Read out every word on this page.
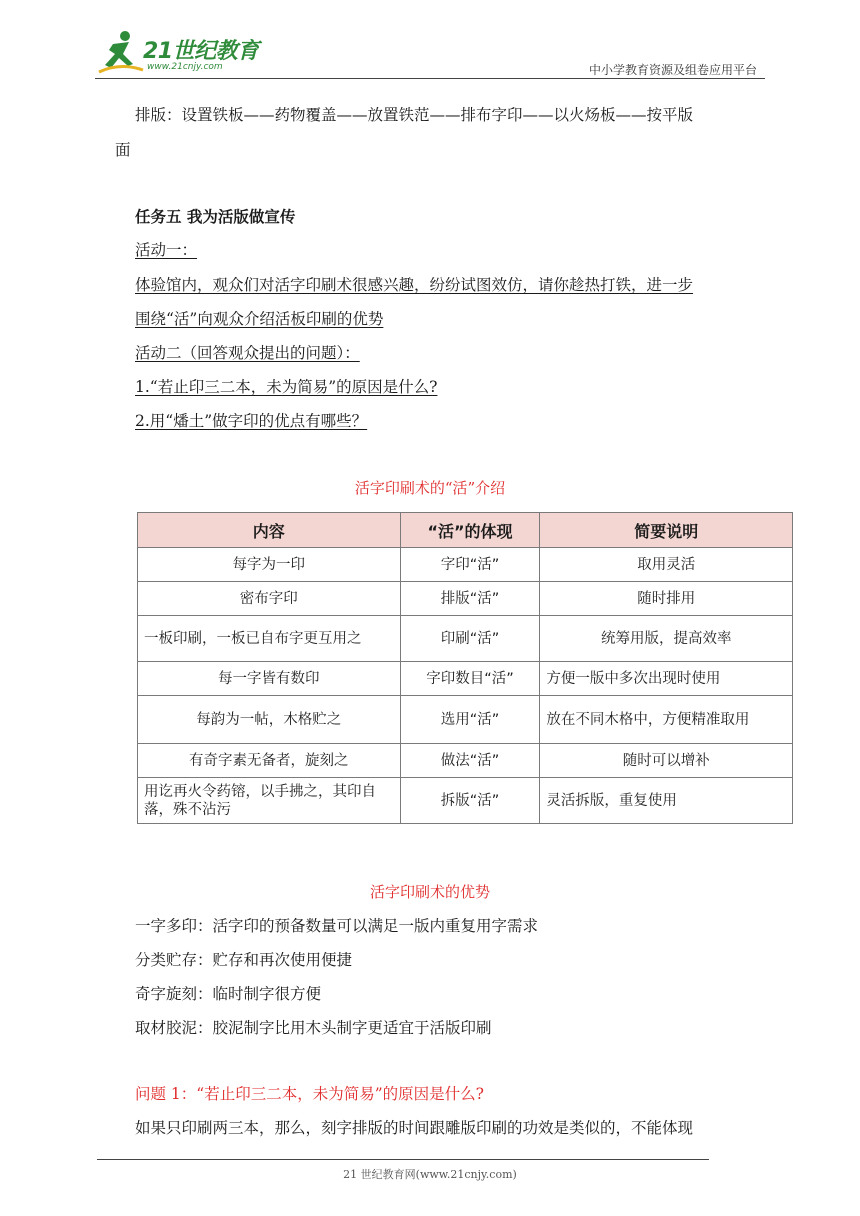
21世纪教育
www.21cnjy.com	中小学教育资源及组卷应用平台
排版：设置铁板——药物覆盖——放置铁范——排布字印——以火炀板——按平版
面
任务五 我为活版做宣传
活动一：
体验馆内，观众们对活字印刷术很感兴趣，纷纷试图效仿，请你趁热打铁，进一步
围绕“活”向观众介绍活板印刷的优势
活动二（回答观众提出的问题）：
1.“若止印三二本，未为简易”的原因是什么?
2.用“燔土”做字印的优点有哪些？
活字印刷术的“活”介绍
内容	“活”的体现	简要说明
每字为一印	字印“活”	取用灵活
密布字印	排版“活”	随时排用
一板印刷，一板已自布字更互用之	印刷“活”	统筹用版，提高效率
每一字皆有数印	字印数目“活”	方便一版中多次出现时使用
每韵为一帖，木格贮之	选用“活”	放在不同木格中，方便精准取用
有奇字素无备者，旋刻之	做法“活”	随时可以增补
用讫再火令药镕，以手拂之，其印自落，殊不沾污	拆版“活”	灵活拆版，重复使用
活字印刷术的优势
一字多印：活字印的预备数量可以满足一版内重复用字需求
分类贮存：贮存和再次使用便捷
奇字旋刻：临时制字很方便
取材胶泥：胶泥制字比用木头制字更适宜于活版印刷
问题 1：“若止印三二本，未为简易”的原因是什么?
如果只印刷两三本，那么，刻字排版的时间跟雕版印刷的功效是类似的，不能体现
21 世纪教育网(www.21cnjy.com)
